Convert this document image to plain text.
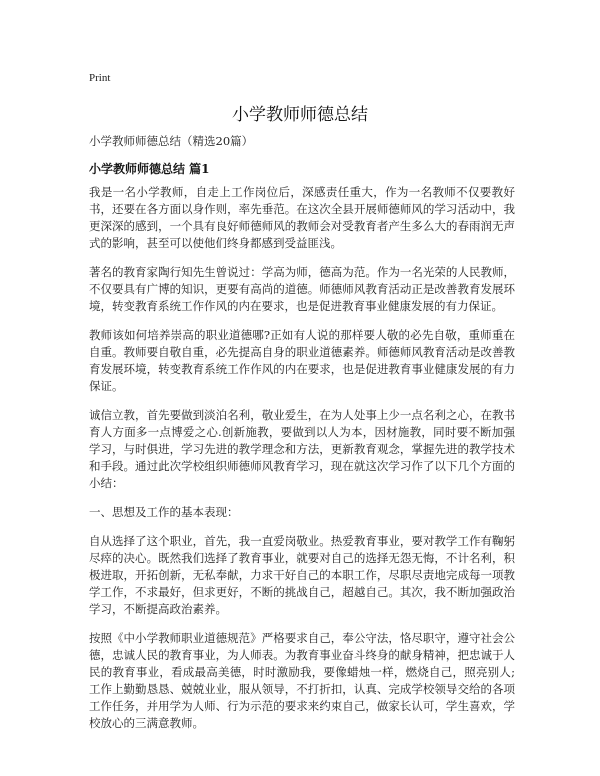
Print
小学教师师德总结
小学教师师德总结（精选20篇）
小学教师师德总结 篇1

我是一名小学教师，自走上工作岗位后，深感责任重大，作为一名教师不仅要教好书，还要在各方面以身作则，率先垂范。在这次全县开展师德师风的学习活动中，我更深深的感到，一个具有良好师德师风的教师会对受教育者产生多么大的春雨润无声式的影响，甚至可以使他们终身都感到受益匪浅。

著名的教育家陶行知先生曾说过：学高为师，德高为范。作为一名光荣的人民教师，不仅要具有广博的知识，更要有高尚的道德。师德师风教育活动正是改善教育发展环境，转变教育系统工作作风的内在要求，也是促进教育事业健康发展的有力保证。

教师该如何培养崇高的职业道德哪?正如有人说的那样要人敬的必先自敬，重师重在自重。教师要自敬自重，必先提高自身的职业道德素养。师德师风教育活动是改善教育发展环境，转变教育系统工作作风的内在要求，也是促进教育事业健康发展的有力保证。

诚信立教，首先要做到淡泊名利，敬业爱生，在为人处事上少一点名利之心，在教书育人方面多一点博爱之心.创新施教，要做到以人为本，因材施教，同时要不断加强学习，与时俱进，学习先进的教学理念和方法，更新教育观念，掌握先进的教学技术和手段。通过此次学校组织师德师风教育学习，现在就这次学习作了以下几个方面的小结：

一、思想及工作的基本表现：

自从选择了这个职业，首先，我一直爱岗敬业。热爱教育事业，要对教学工作有鞠躬尽瘁的决心。既然我们选择了教育事业，就要对自己的选择无怨无悔，不计名利，积极进取，开拓创新，无私奉献，力求干好自己的本职工作，尽职尽责地完成每一项教学工作，不求最好，但求更好，不断的挑战自己，超越自己。其次，我不断加强政治学习，不断提高政治素养。

按照《中小学教师职业道德规范》严格要求自己，奉公守法，恪尽职守，遵守社会公德，忠诚人民的教育事业，为人师表。为教育事业奋斗终身的献身精神，把忠诚于人民的教育事业，看成最高美德，时时激励我，要像蜡烛一样，燃烧自己，照亮别人;工作上勤勤恳恳、兢兢业业，服从领导，不打折扣，认真、完成学校领导交给的各项工作任务，并用学为人师、行为示范的要求来约束自己，做家长认可，学生喜欢，学校放心的三满意教师。
